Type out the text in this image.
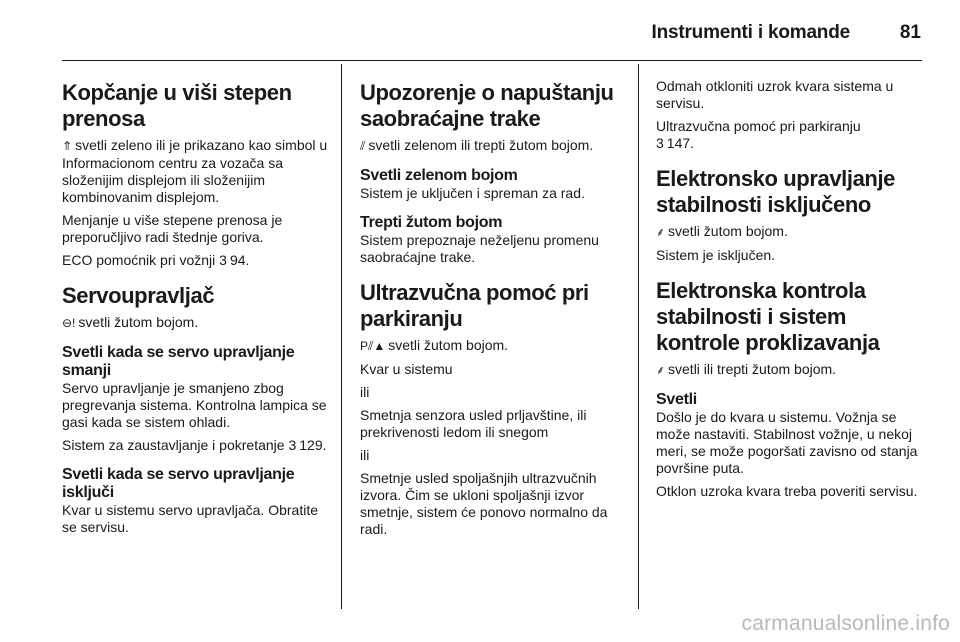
Instrumenti i komande	81
Kopčanje u viši stepen prenosa

⇑ svetli zeleno ili je prikazano kao simbol u Informacionom centru za vozača sa složenijim displejom ili složenijim kombinovanim displejom.

Menjanje u više stepene prenosa je preporučljivo radi štednje goriva.

ECO pomoćnik pri vožnji 3 94.

Servoupravljač

⊖! svetli žutom bojom.

Svetli kada se servo upravljanje smanji

Servo upravljanje je smanjeno zbog pregrevanja sistema. Kontrolna lampica se gasi kada se sistem ohladi.

Sistem za zaustavljanje i pokretanje 3 129.

Svetli kada se servo upravljanje isključi

Kvar u sistemu servo upravljača. Obratite se servisu.

Upozorenje o napuštanju saobraćajne trake

⫽ svetli zelenom ili trepti žutom bojom.

Svetli zelenom bojom

Sistem je uključen i spreman za rad.

Trepti žutom bojom

Sistem prepoznaje neželjenu promenu saobraćajne trake.

Ultrazvučna pomoć pri parkiranju

P⫽▲ svetli žutom bojom.

Kvar u sistemu

ili

Smetnja senzora usled prljavštine, ili prekrivenosti ledom ili snegom

ili

Smetnje usled spoljašnjih ultrazvučnih izvora. Čim se ukloni spoljašnji izvor smetnje, sistem će ponovo normalno da radi.

Odmah otkloniti uzrok kvara sistema u servisu.

Ultrazvučna pomoć pri parkiranju
3 147.

Elektronsko upravljanje stabilnosti isključeno

⸙ svetli žutom bojom.

Sistem je isključen.

Elektronska kontrola stabilnosti i sistem kontrole proklizavanja

⸙ svetli ili trepti žutom bojom.

Svetli

Došlo je do kvara u sistemu. Vožnja se može nastaviti. Stabilnost vožnje, u nekoj meri, se može pogoršati zavisno od stanja površine puta.

Otklon uzroka kvara treba poveriti servisu.

carmanualsonline.info
